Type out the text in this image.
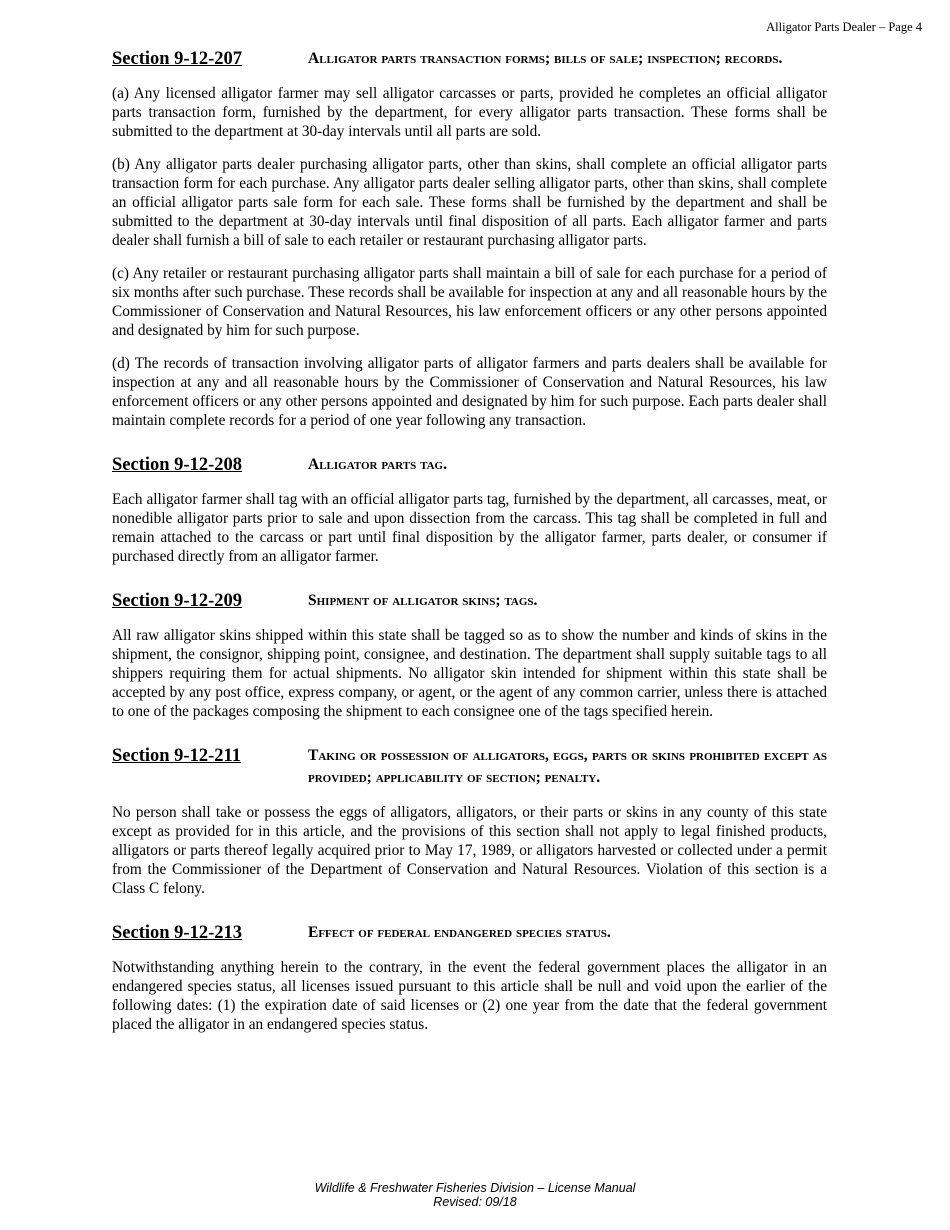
Alligator Parts Dealer – Page 4
Section 9-12-207	Alligator parts transaction forms; bills of sale; inspection; records.

(a) Any licensed alligator farmer may sell alligator carcasses or parts, provided he completes an official alligator parts transaction form, furnished by the department, for every alligator parts transaction. These forms shall be submitted to the department at 30-day intervals until all parts are sold.

(b) Any alligator parts dealer purchasing alligator parts, other than skins, shall complete an official alligator parts transaction form for each purchase. Any alligator parts dealer selling alligator parts, other than skins, shall complete an official alligator parts sale form for each sale. These forms shall be furnished by the department and shall be submitted to the department at 30-day intervals until final disposition of all parts. Each alligator farmer and parts dealer shall furnish a bill of sale to each retailer or restaurant purchasing alligator parts.

(c) Any retailer or restaurant purchasing alligator parts shall maintain a bill of sale for each purchase for a period of six months after such purchase. These records shall be available for inspection at any and all reasonable hours by the Commissioner of Conservation and Natural Resources, his law enforcement officers or any other persons appointed and designated by him for such purpose.

(d) The records of transaction involving alligator parts of alligator farmers and parts dealers shall be available for inspection at any and all reasonable hours by the Commissioner of Conservation and Natural Resources, his law enforcement officers or any other persons appointed and designated by him for such purpose. Each parts dealer shall maintain complete records for a period of one year following any transaction.

Section 9-12-208	Alligator parts tag.

Each alligator farmer shall tag with an official alligator parts tag, furnished by the department, all carcasses, meat, or nonedible alligator parts prior to sale and upon dissection from the carcass. This tag shall be completed in full and remain attached to the carcass or part until final disposition by the alligator farmer, parts dealer, or consumer if purchased directly from an alligator farmer.

Section 9-12-209	Shipment of alligator skins; tags.

All raw alligator skins shipped within this state shall be tagged so as to show the number and kinds of skins in the shipment, the consignor, shipping point, consignee, and destination. The department shall supply suitable tags to all shippers requiring them for actual shipments. No alligator skin intended for shipment within this state shall be accepted by any post office, express company, or agent, or the agent of any common carrier, unless there is attached to one of the packages composing the shipment to each consignee one of the tags specified herein.

Section 9-12-211	Taking or possession of alligators, eggs, parts or skins prohibited except as provided; applicability of section; penalty.

No person shall take or possess the eggs of alligators, alligators, or their parts or skins in any county of this state except as provided for in this article, and the provisions of this section shall not apply to legal finished products, alligators or parts thereof legally acquired prior to May 17, 1989, or alligators harvested or collected under a permit from the Commissioner of the Department of Conservation and Natural Resources. Violation of this section is a Class C felony.

Section 9-12-213	Effect of federal endangered species status.

Notwithstanding anything herein to the contrary, in the event the federal government places the alligator in an endangered species status, all licenses issued pursuant to this article shall be null and void upon the earlier of the following dates: (1) the expiration date of said licenses or (2) one year from the date that the federal government placed the alligator in an endangered species status.

Wildlife & Freshwater Fisheries Division – License Manual
Revised: 09/18
